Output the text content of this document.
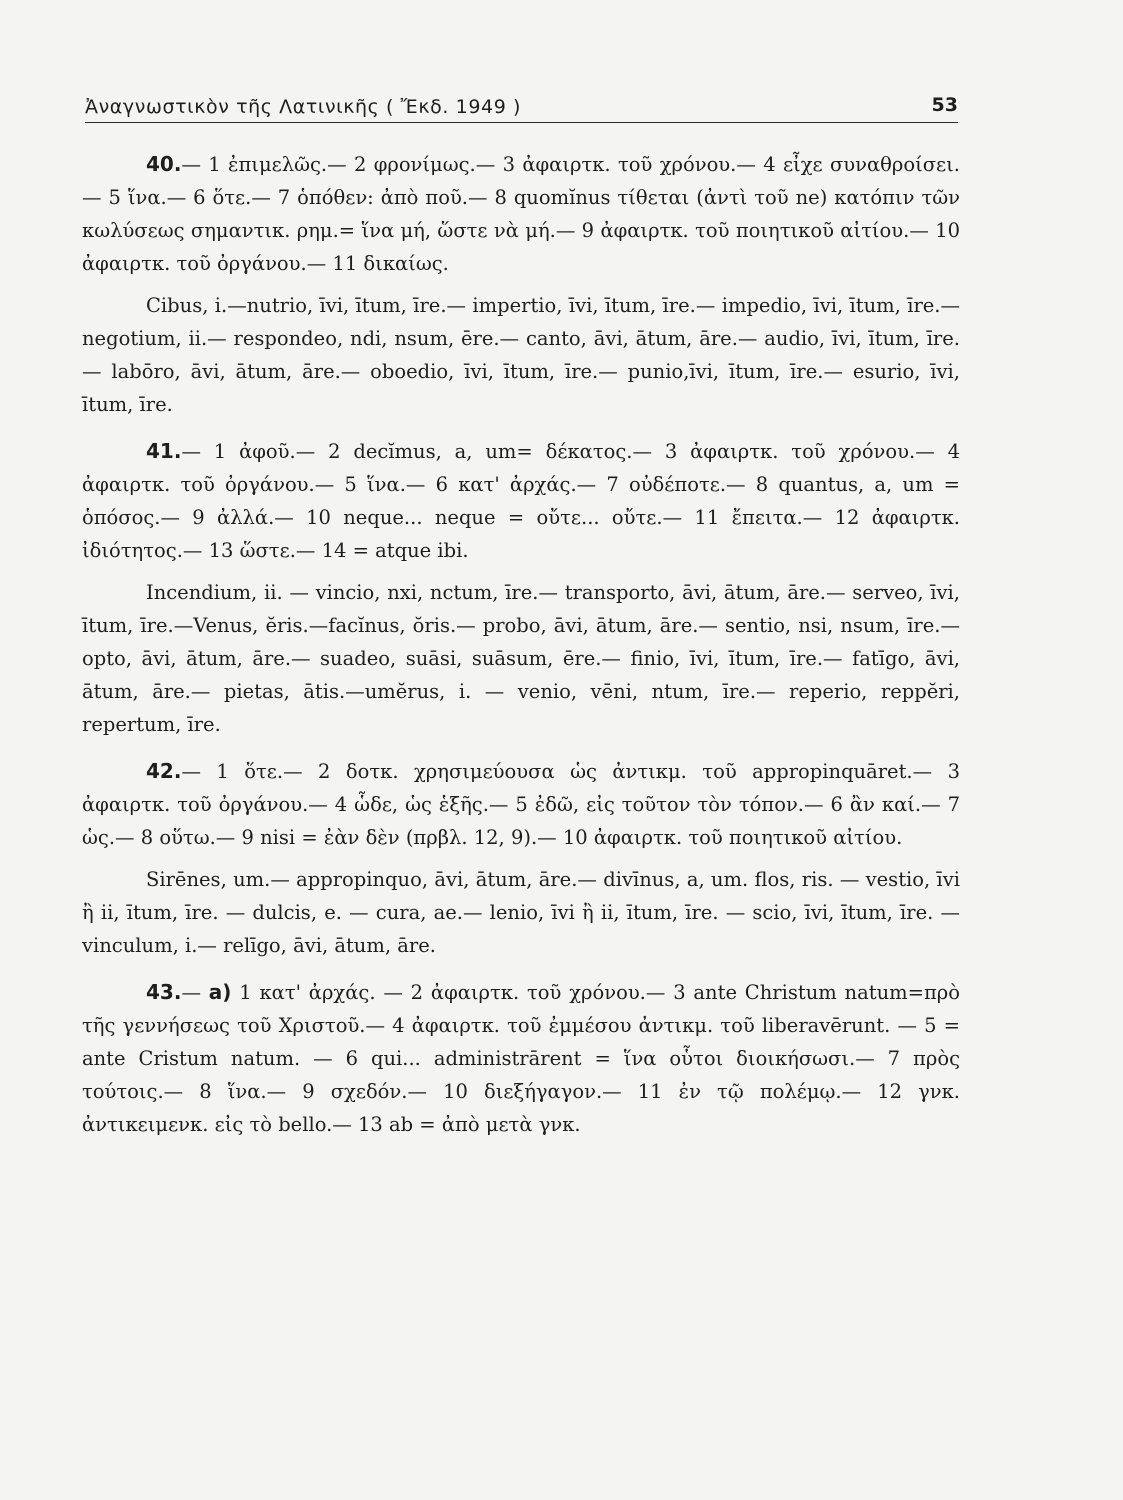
Ἀναγνωστικὸν τῆς Λατινικῆς ( Ἔκδ. 1949 )	53

40.— 1 ἐπιμελῶς.— 2 φρονίμως.— 3 ἀφαιρτκ. τοῦ χρόνου.— 4 εἶχε συναθροίσει.— 5 ἵνα.— 6 ὅτε.— 7 ὁπόθεν: ἀπὸ ποῦ.— 8 quomĭnus τίθεται (ἀντὶ τοῦ ne) κατόπιν τῶν κωλύσεως σημαντικ. ρημ.= ἵνα μή, ὥστε νὰ μή.— 9 ἀφαιρτκ. τοῦ ποιητικοῦ αἰτίου.— 10 ἀφαιρτκ. τοῦ ὀργάνου.— 11 δικαίως.

Cibus, i.—nutrio, īvi, ītum, īre.— impertio, īvi, ītum, īre.— impedio, īvi, ītum, īre.— negotium, ii.— respondeo, ndi, nsum, ēre.— canto, āvi, ātum, āre.— audio, īvi, ītum, īre.— labōro, āvi, ātum, āre.— oboedio, īvi, ītum, īre.— punio,īvi, ītum, īre.— esurio, īvi, ītum, īre.

41.— 1 ἀφοῦ.— 2 decĭmus, a, um= δέκατος.— 3 ἀφαιρτκ. τοῦ χρόνου.— 4 ἀφαιρτκ. τοῦ ὀργάνου.— 5 ἵνα.— 6 κατ' ἀρχάς.— 7 οὐδέποτε.— 8 quantus, a, um = ὁπόσος.— 9 ἀλλά.— 10 neque... neque = οὔτε... οὔτε.— 11 ἔπειτα.— 12 ἀφαιρτκ. ἰδιότητος.— 13 ὥστε.— 14 = atque ibi.

Incendium, ii. — vincio, nxi, nctum, īre.— transporto, āvi, ātum, āre.— serveo, īvi, ītum, īre.—Venus, ĕris.—facĭnus, ŏris.— probo, āvi, ātum, āre.— sentio, nsi, nsum, īre.— opto, āvi, ātum, āre.— suadeo, suāsi, suāsum, ēre.— finio, īvi, ītum, īre.— fatīgo, āvi, ātum, āre.— pietas, ātis.—umĕrus, i. — venio, vēni, ntum, īre.— reperio, reppĕri, repertum, īre.

42.— 1 ὅτε.— 2 δοτκ. χρησιμεύουσα ὡς ἀντικμ. τοῦ appropinquāret.— 3 ἀφαιρτκ. τοῦ ὀργάνου.— 4 ὧδε, ὡς ἑξῆς.— 5 ἐδῶ, εἰς τοῦτον τὸν τόπον.— 6 ἂν καί.— 7 ὡς.— 8 οὕτω.— 9 nisi = ἐὰν δὲν (πρβλ. 12, 9).— 10 ἀφαιρτκ. τοῦ ποιητικοῦ αἰτίου.

Sirēnes, um.— appropinquo, āvi, ātum, āre.— divīnus, a, um. flos, ris. — vestio, īvi ἢ ii, ītum, īre. — dulcis, e. — cura, ae.— lenio, īvi ἢ ii, ītum, īre. — scio, īvi, ītum, īre. — vinculum, i.— relīgo, āvi, ātum, āre.

43.— a) 1 κατ' ἀρχάς. — 2 ἀφαιρτκ. τοῦ χρόνου.— 3 ante Christum natum=πρὸ τῆς γεννήσεως τοῦ Χριστοῦ.— 4 ἀφαιρτκ. τοῦ ἐμμέσου ἀντικμ. τοῦ liberavērunt. — 5 = ante Cristum natum. — 6 qui... administrārent = ἵνα οὗτοι διοικήσωσι.— 7 πρὸς τούτοις.— 8 ἵνα.— 9 σχεδόν.— 10 διεξήγαγον.— 11 ἐν τῷ πολέμῳ.— 12 γνκ. ἀντικειμενκ. εἰς τὸ bello.— 13 ab = ἀπὸ μετὰ γνκ.
